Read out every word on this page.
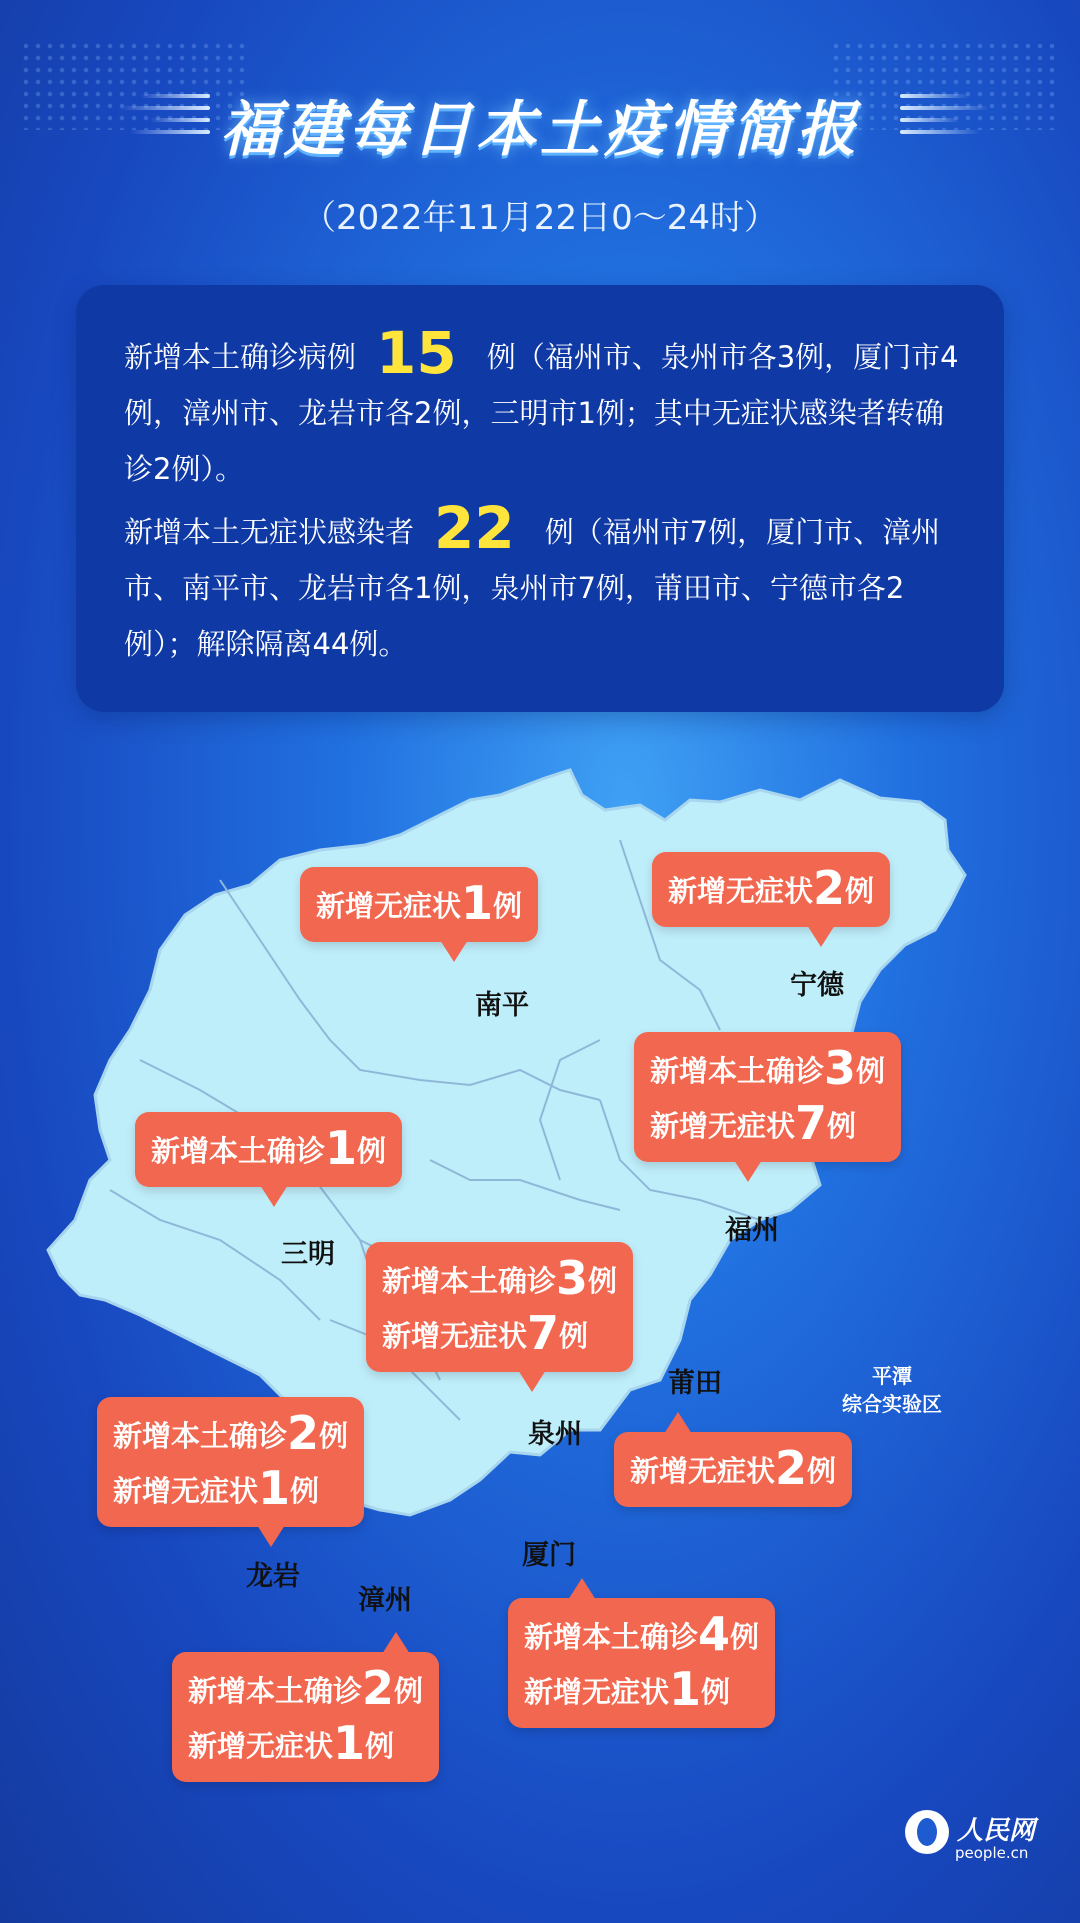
福建每日本土疫情简报
（2022年11月22日0～24时）
新增本土确诊病例 15 例（福州市、泉州市各3例，厦门市4例，漳州市、龙岩市各2例，三明市1例；其中无症状感染者转确诊2例）。
新增本土无症状感染者 22 例（福州市7例，厦门市、漳州市、南平市、龙岩市各1例，泉州市7例，莆田市、宁德市各2例）；解除隔离44例。
南平
宁德
福州
三明
莆田
泉州
龙岩
漳州
厦门
平潭
综合实验区
新增无症状1例	新增无症状2例
新增本土确诊3例
新增无症状7例
新增本土确诊1例
新增本土确诊3例
新增无症状7例
新增无症状2例
新增本土确诊2例
新增无症状1例
新增本土确诊2例
新增无症状1例
新增本土确诊4例
新增无症状1例
人民网
people.cn
